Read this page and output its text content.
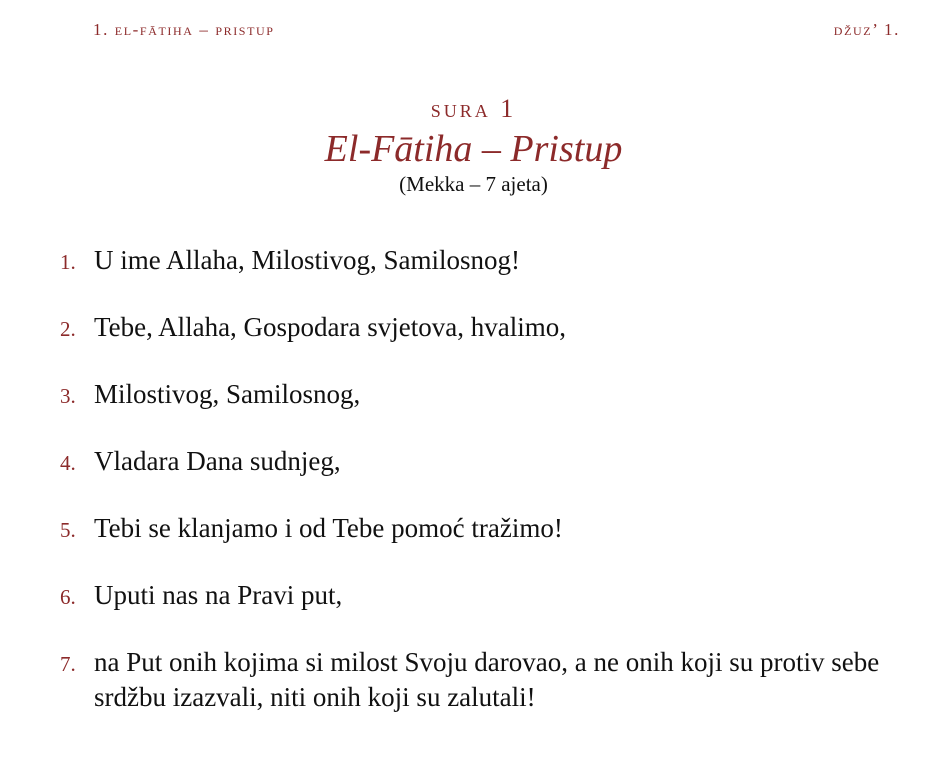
1. el-fātiha – pristup	džuz’ 1.
sura 1
El-Fātiha – Pristup
(Mekka – 7 ajeta)
1. U ime Allaha, Milostivog, Samilosnog!
2. Tebe, Allaha, Gospodara svjetova, hvalimo,
3. Milostivog, Samilosnog,
4. Vladara Dana sudnjeg,
5. Tebi se klanjamo i od Tebe pomoć tražimo!
6. Uputi nas na Pravi put,
7. na Put onih kojima si milost Svoju darovao, a ne onih koji su protiv sebe srdžbu izazvali, niti onih koji su zalutali!
